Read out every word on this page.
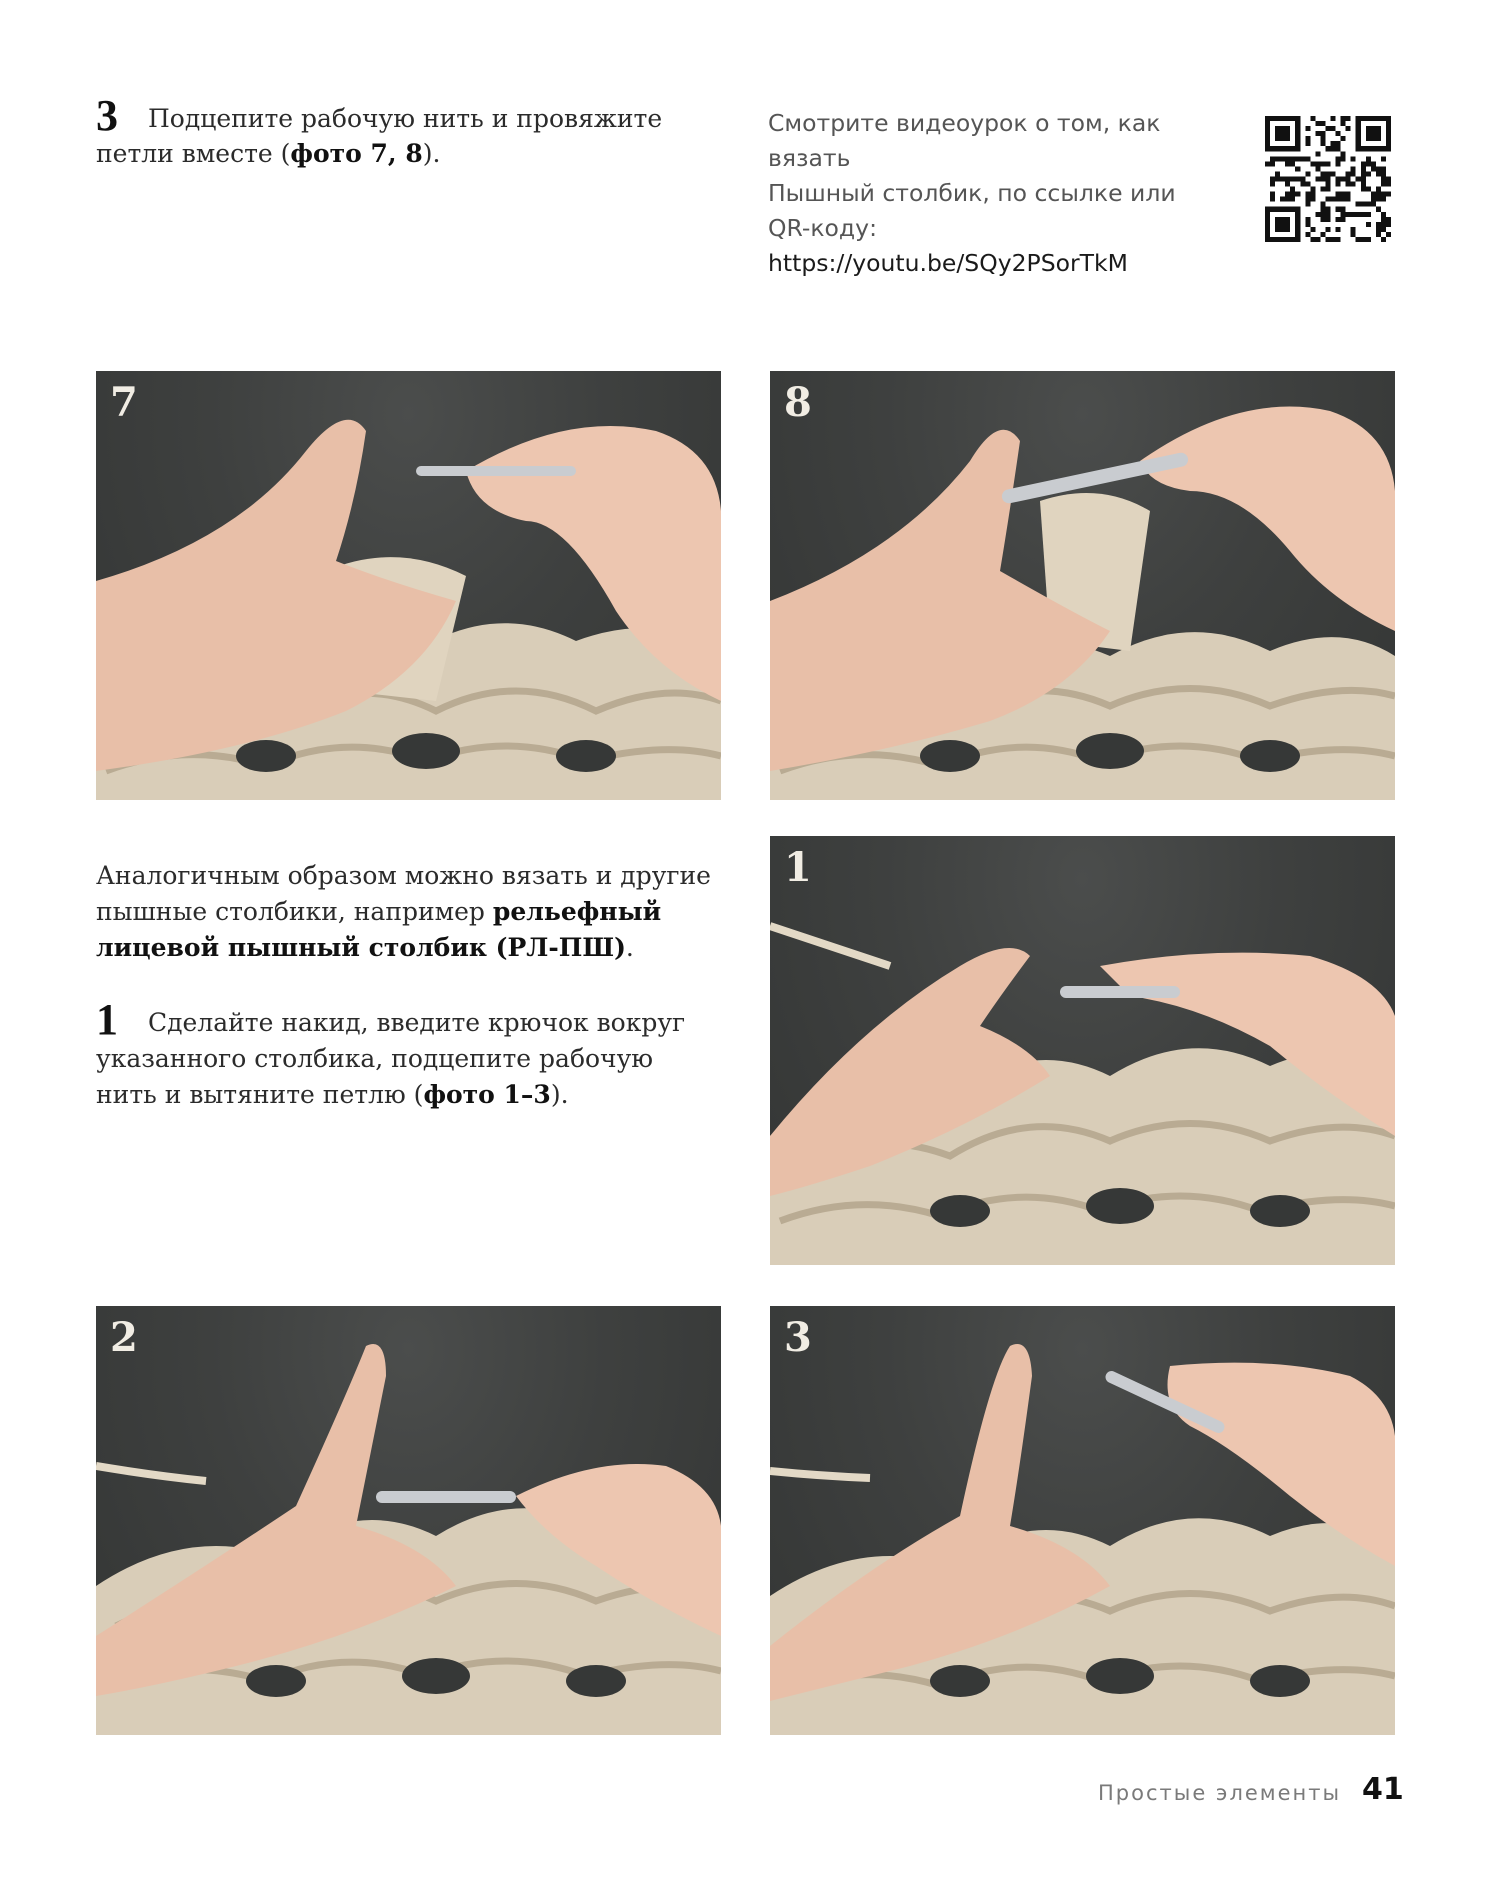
3 Подцепите рабочую нить и провяжите петли вместе (фото 7, 8).
Смотрите видеоурок о том, как вязать
Пышный столбик, по ссылке или
QR-коду:
https://youtu.be/SQy2PSorTkM
7	8
1
2	3

Аналогичным образом можно вязать и другие пышные столбики, например рельефный лицевой пышный столбик (РЛ-ПШ).

1 Сделайте накид, введите крючок вокруг указанного столбика, подцепите рабочую нить и вытяните петлю (фото 1–3).

Простые элементы 41
